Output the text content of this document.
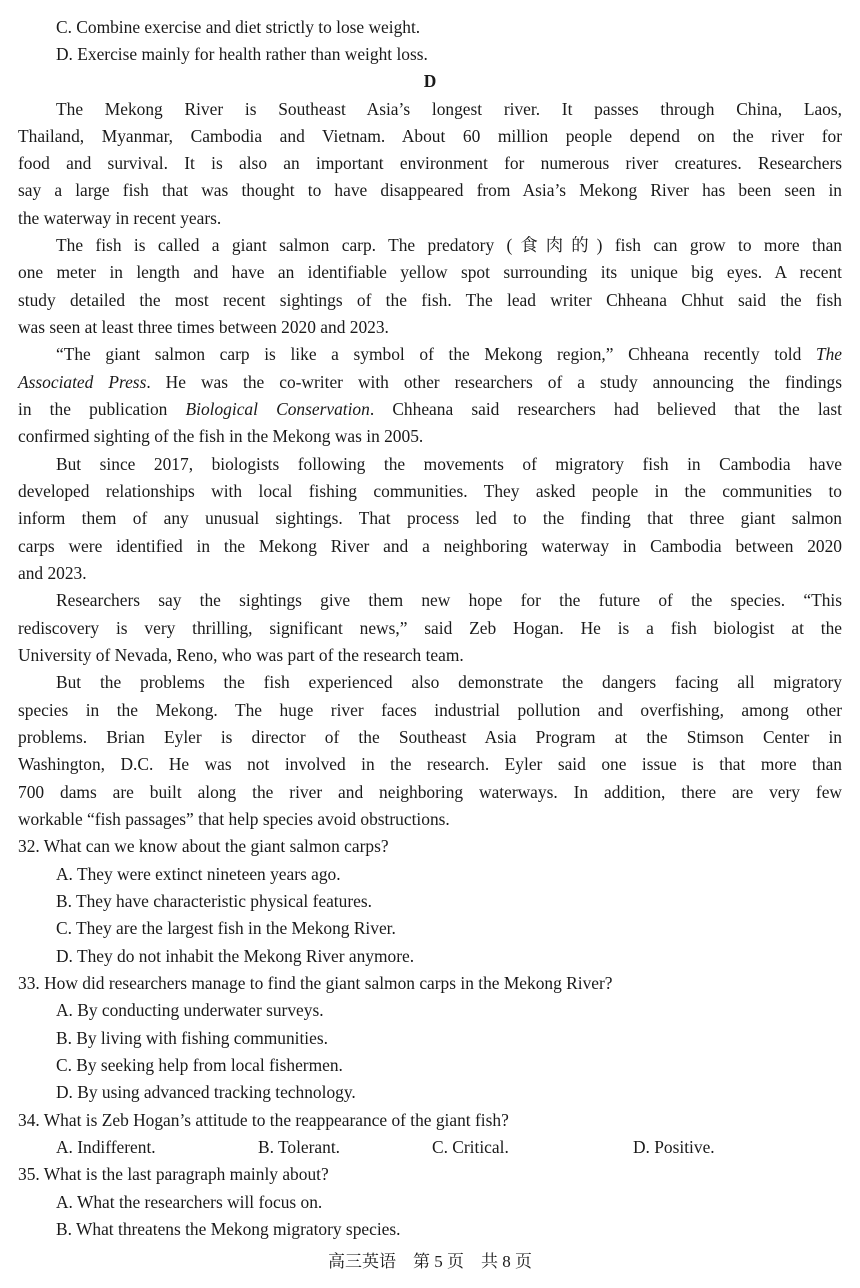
C. Combine exercise and diet strictly to lose weight.
D. Exercise mainly for health rather than weight loss.
D
The Mekong River is Southeast Asia’s longest river. It passes through China, Laos,
Thailand, Myanmar, Cambodia and Vietnam. About 60 million people depend on the river for
food and survival. It is also an important environment for numerous river creatures. Researchers
say a large fish that was thought to have disappeared from Asia’s Mekong River has been seen in
the waterway in recent years.
The fish is called a giant salmon carp. The predatory (食肉的) fish can grow to more than
one meter in length and have an identifiable yellow spot surrounding its unique big eyes. A recent
study detailed the most recent sightings of the fish. The lead writer Chheana Chhut said the fish
was seen at least three times between 2020 and 2023.
“The giant salmon carp is like a symbol of the Mekong region,” Chheana recently told The
Associated Press. He was the co-writer with other researchers of a study announcing the findings
in the publication Biological Conservation. Chheana said researchers had believed that the last
confirmed sighting of the fish in the Mekong was in 2005.
But since 2017, biologists following the movements of migratory fish in Cambodia have
developed relationships with local fishing communities. They asked people in the communities to
inform them of any unusual sightings. That process led to the finding that three giant salmon
carps were identified in the Mekong River and a neighboring waterway in Cambodia between 2020
and 2023.
Researchers say the sightings give them new hope for the future of the species. “This
rediscovery is very thrilling, significant news,” said Zeb Hogan. He is a fish biologist at the
University of Nevada, Reno, who was part of the research team.
But the problems the fish experienced also demonstrate the dangers facing all migratory
species in the Mekong. The huge river faces industrial pollution and overfishing, among other
problems. Brian Eyler is director of the Southeast Asia Program at the Stimson Center in
Washington, D.C. He was not involved in the research. Eyler said one issue is that more than
700 dams are built along the river and neighboring waterways. In addition, there are very few
workable “fish passages” that help species avoid obstructions.
32. What can we know about the giant salmon carps?
A. They were extinct nineteen years ago.
B. They have characteristic physical features.
C. They are the largest fish in the Mekong River.
D. They do not inhabit the Mekong River anymore.
33. How did researchers manage to find the giant salmon carps in the Mekong River?
A. By conducting underwater surveys.
B. By living with fishing communities.
C. By seeking help from local fishermen.
D. By using advanced tracking technology.
34. What is Zeb Hogan’s attitude to the reappearance of the giant fish?
A. Indifferent.	B. Tolerant.	C. Critical.	D. Positive.
35. What is the last paragraph mainly about?
A. What the researchers will focus on.
B. What threatens the Mekong migratory species.
高三英语　第 5 页　共 8 页
